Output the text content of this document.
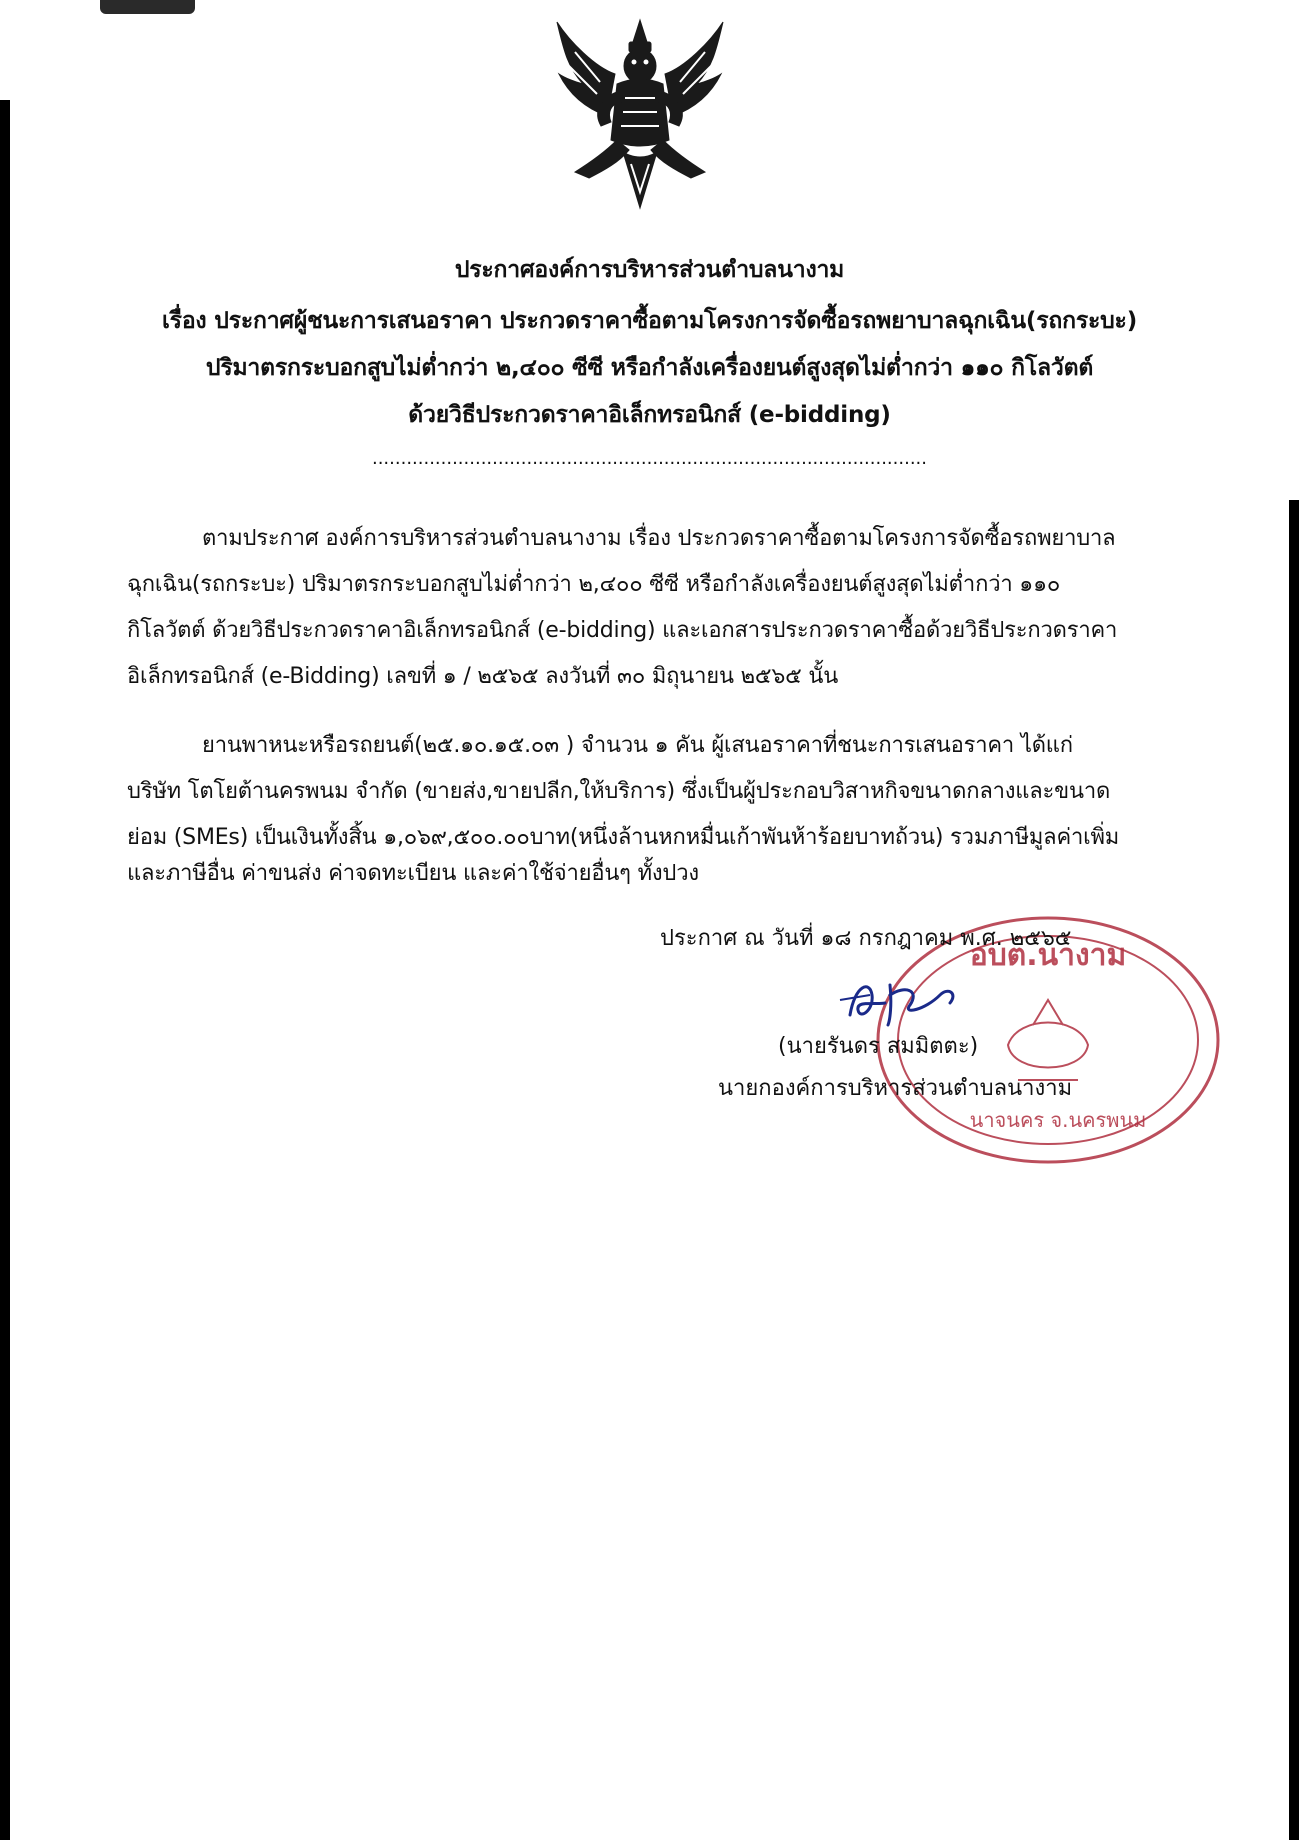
ประกาศองค์การบริหารส่วนตำบลนางาม
เรื่อง ประกาศผู้ชนะการเสนอราคา ประกวดราคาซื้อตามโครงการจัดซื้อรถพยาบาลฉุกเฉิน(รถกระบะ)
ปริมาตรกระบอกสูบไม่ต่ำกว่า ๒,๔๐๐ ซีซี หรือกำลังเครื่องยนต์สูงสุดไม่ต่ำกว่า ๑๑๐ กิโลวัตต์
ด้วยวิธีประกวดราคาอิเล็กทรอนิกส์ (e-bidding)
.................................................................................................
ตามประกาศ องค์การบริหารส่วนตำบลนางาม เรื่อง ประกวดราคาซื้อตามโครงการจัดซื้อรถพยาบาล
ฉุกเฉิน(รถกระบะ) ปริมาตรกระบอกสูบไม่ต่ำกว่า ๒,๔๐๐ ซีซี หรือกำลังเครื่องยนต์สูงสุดไม่ต่ำกว่า ๑๑๐
กิโลวัตต์ ด้วยวิธีประกวดราคาอิเล็กทรอนิกส์ (e-bidding) และเอกสารประกวดราคาซื้อด้วยวิธีประกวดราคา
อิเล็กทรอนิกส์ (e-Bidding) เลขที่ ๑ / ๒๕๖๕ ลงวันที่ ๓๐ มิถุนายน ๒๕๖๕ นั้น
ยานพาหนะหรือรถยนต์(๒๕.๑๐.๑๕.๐๓ ) จำนวน ๑ คัน ผู้เสนอราคาที่ชนะการเสนอราคา ได้แก่
บริษัท โตโยต้านครพนม จำกัด (ขายส่ง,ขายปลีก,ให้บริการ) ซึ่งเป็นผู้ประกอบวิสาหกิจขนาดกลางและขนาด
ย่อม (SMEs) เป็นเงินทั้งสิ้น ๑,๐๖๙,๕๐๐.๐๐บาท(หนึ่งล้านหกหมื่นเก้าพันห้าร้อยบาทถ้วน) รวมภาษีมูลค่าเพิ่ม
และภาษีอื่น ค่าขนส่ง ค่าจดทะเบียน และค่าใช้จ่ายอื่นๆ ทั้งปวง
อบต.นางาม
นาจนคร จ.นครพนม
ประกาศ ณ วันที่ ๑๘ กรกฎาคม พ.ศ. ๒๕๖๕
(นายรันดร สมมิตตะ)
นายกองค์การบริหารส่วนตำบลนางาม
